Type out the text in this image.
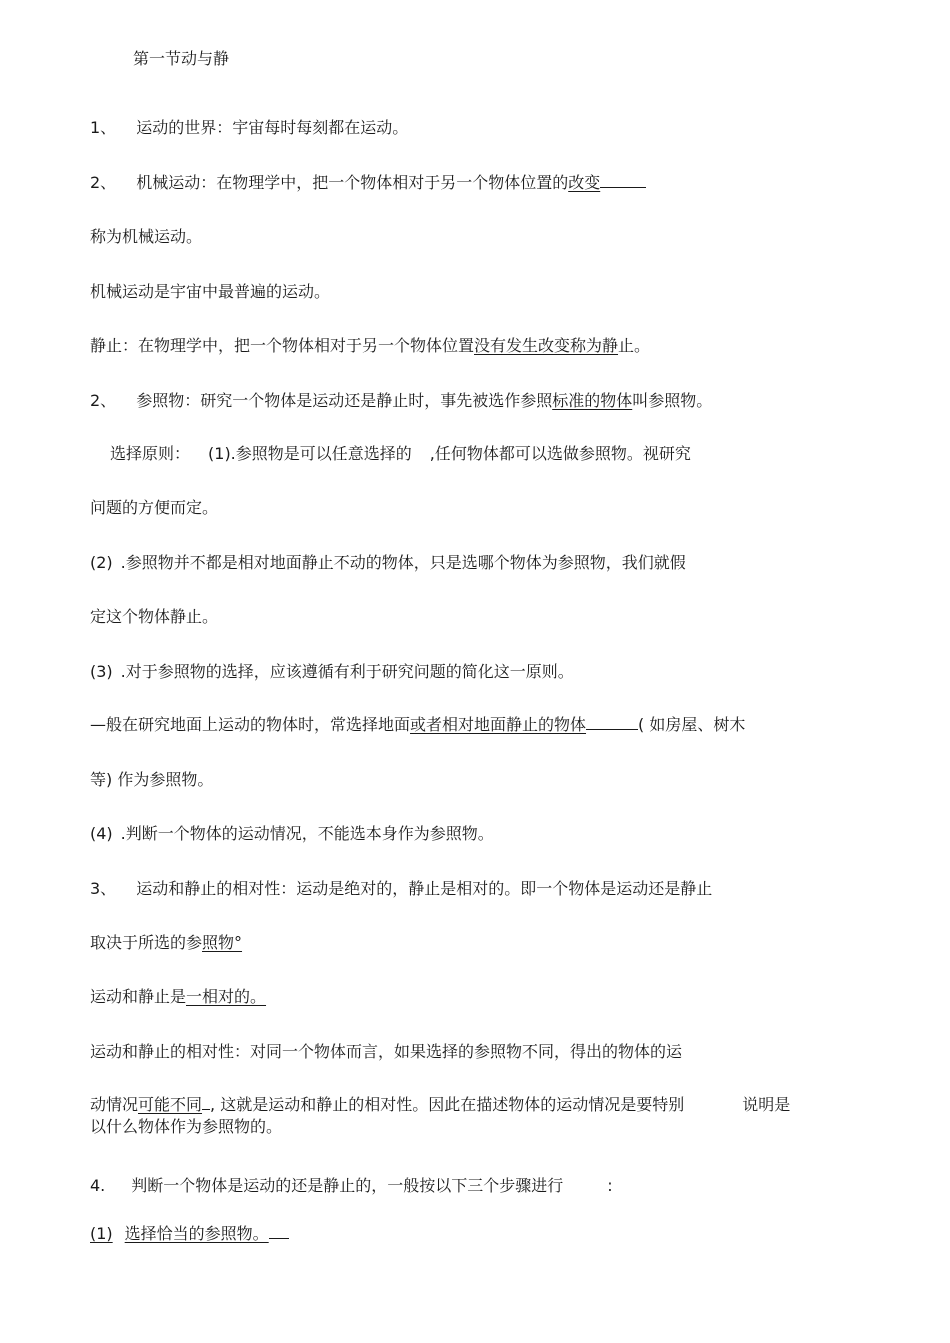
第一节动与静
1、 运动的世界：宇宙每时每刻都在运动。
2、 机械运动：在物理学中，把一个物体相对于另一个物体位置的改变
称为机械运动。
机械运动是宇宙中最普遍的运动。
静止：在物理学中，把一个物体相对于另一个物体位置没有发生改变称为静止。
2、 参照物：研究一个物体是运动还是静止时，事先被选作参照标准的物体叫参照物。
选择原则： (1).参照物是可以任意选择的 ,任何物体都可以选做参照物。视研究
问题的方便而定。
(2) .参照物并不都是相对地面静止不动的物体，只是选哪个物体为参照物，我们就假
定这个物体静止。
(3) .对于参照物的选择，应该遵循有利于研究问题的简化这一原则。
—般在研究地面上运动的物体时，常选择地面或者相对地面静止的物体	( 如房屋、树木
等) 作为参照物。
(4) .判断一个物体的运动情况，不能选本身作为参照物。
3、 运动和静止的相对性：运动是绝对的，静止是相对的。即一个物体是运动还是静止
取决于所选的参照物°
运动和静止是一相对的。
运动和静止的相对性：对同一个物体而言，如果选择的参照物不同，得出的物体的运
动情况可能不同 , 这就是运动和静止的相对性。因此在描述物体的运动情况是要特别	说明是
以什么物体作为参照物的。
4. 判断一个物体是运动的还是静止的，一般按以下三个步骤进行	:
(1) 选择恰当的参照物。
